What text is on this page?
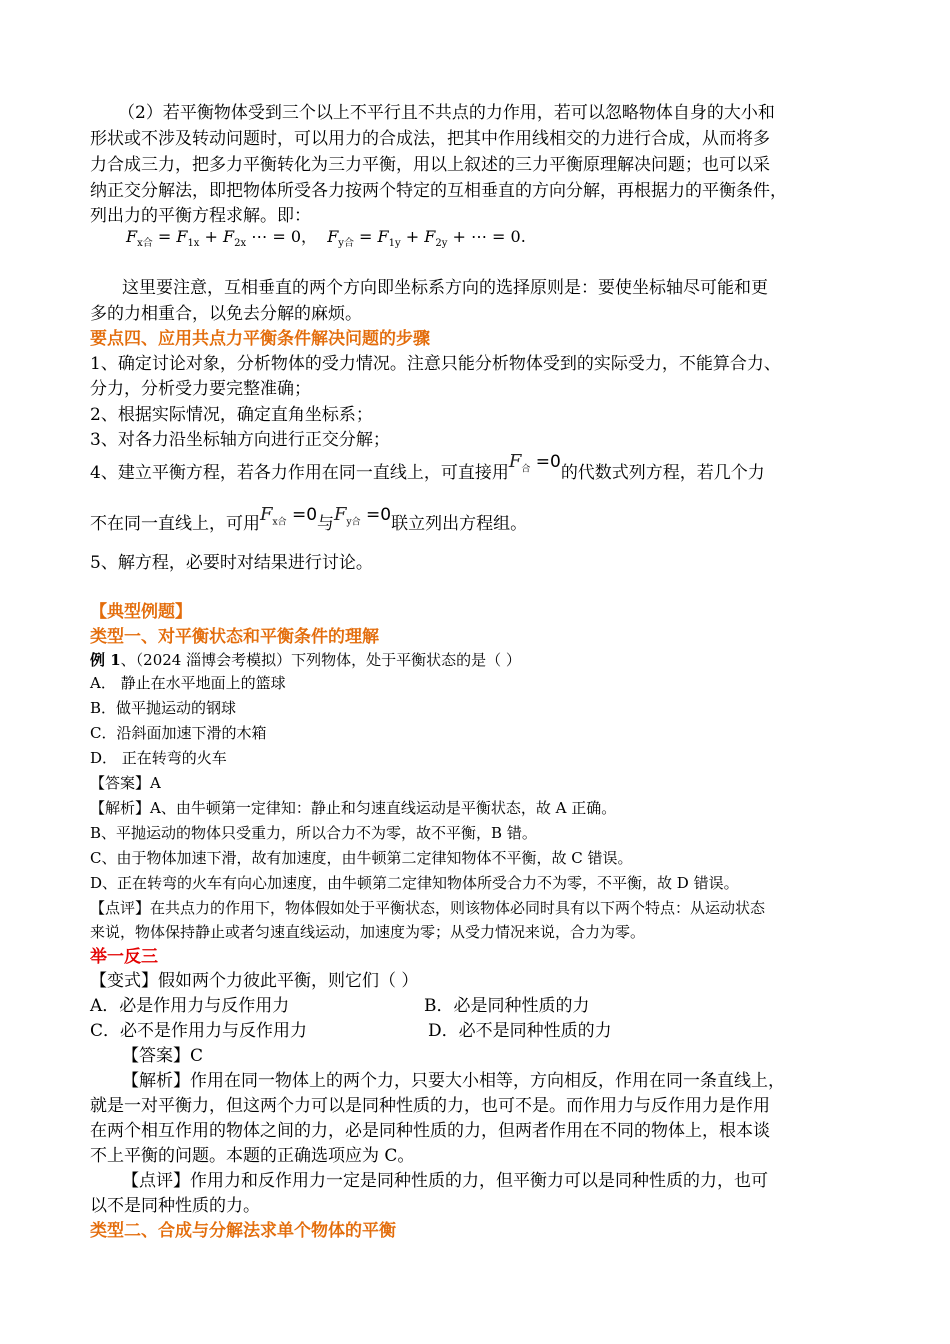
（2）若平衡物体受到三个以上不平行且不共点的力作用，若可以忽略物体自身的大小和
形状或不涉及转动问题时，可以用力的合成法，把其中作用线相交的力进行合成，从而将多
力合成三力，把多力平衡转化为三力平衡，用以上叙述的三力平衡原理解决问题；也可以采
纳正交分解法，即把物体所受各力按两个特定的互相垂直的方向分解，再根据力的平衡条件，
列出力的平衡方程求解。即：
$F_{x合} = F_{1x} + F_{2x}$ ⋯ = 0， $F_{y合} = F_{1y} + F_{2y}$ + ⋯ = 0.
这里要注意，互相垂直的两个方向即坐标系方向的选择原则是：要使坐标轴尽可能和更
多的力相重合，以免去分解的麻烦。
要点四、应用共点力平衡条件解决问题的步骤
1、确定讨论对象，分析物体的受力情况。注意只能分析物体受到的实际受力，不能算合力、
分力，分析受力要完整准确；
2、根据实际情况，确定直角坐标系；
3、对各力沿坐标轴方向进行正交分解；
4、建立平衡方程，若各力作用在同一直线上，可直接用$F_合 =0$的代数式列方程，若几个力
不在同一直线上，可用$F_{x合} =0$与$F_{y合} =0$联立列出方程组。
5、解方程，必要时对结果进行讨论。
【典型例题】
类型一、对平衡状态和平衡条件的理解
例 1、（2024 淄博会考模拟）下列物体，处于平衡状态的是（ ）
A． 静止在水平地面上的篮球
B．做平抛运动的钢球
C．沿斜面加速下滑的木箱
D． 正在转弯的火车
【答案】A
【解析】A、由牛顿第一定律知：静止和匀速直线运动是平衡状态，故 A 正确。
B、平抛运动的物体只受重力，所以合力不为零，故不平衡，B 错。
C、由于物体加速下滑，故有加速度，由牛顿第二定律知物体不平衡，故 C 错误。
D、正在转弯的火车有向心加速度，由牛顿第二定律知物体所受合力不为零，不平衡，故 D 错误。
【点评】在共点力的作用下，物体假如处于平衡状态，则该物体必同时具有以下两个特点：从运动状态
来说，物体保持静止或者匀速直线运动，加速度为零；从受力情况来说，合力为零。
举一反三
【变式】假如两个力彼此平衡，则它们（ ）
A．必是作用力与反作用力	B．必是同种性质的力
C．必不是作用力与反作用力	D．必不是同种性质的力
【答案】C
【解析】作用在同一物体上的两个力，只要大小相等，方向相反，作用在同一条直线上，
就是一对平衡力，但这两个力可以是同种性质的力，也可不是。而作用力与反作用力是作用
在两个相互作用的物体之间的力，必是同种性质的力，但两者作用在不同的物体上，根本谈
不上平衡的问题。本题的正确选项应为 C。
【点评】作用力和反作用力一定是同种性质的力，但平衡力可以是同种性质的力，也可
以不是同种性质的力。
类型二、合成与分解法求单个物体的平衡
